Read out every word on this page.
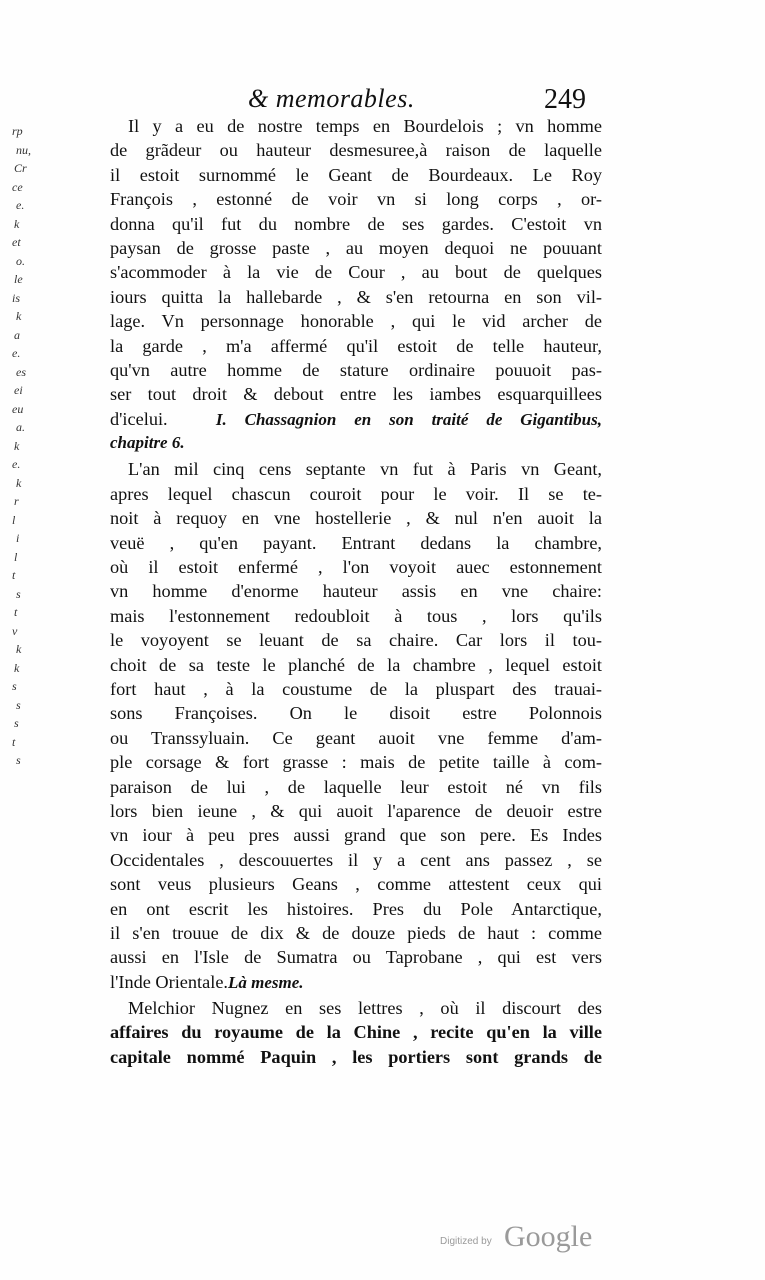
& memorables.	249
rp
nu,
Cr
ce
e.
k
et
o.
le
is
k
a
e.
es
ei
eu
a.
k
e.
k
r
l
i
l
t
s
t
v
k
k
s
s
s
t
s
Il y a eu de nostre temps en Bourdelois ; vn homme
de grãdeur ou hauteur desmesuree,à raison de laquelle
il estoit surnommé le Geant de Bourdeaux. Le Roy
François , estonné de voir vn si long corps , or-
donna qu'il fut du nombre de ses gardes. C'estoit vn
paysan de grosse paste , au moyen dequoi ne pouuant
s'acommoder à la vie de Cour , au bout de quelques
iours quitta la hallebarde , & s'en retourna en son vil-
lage. Vn personnage honorable , qui le vid archer de
la garde , m'a affermé qu'il estoit de telle hauteur,
qu'vn autre homme de stature ordinaire pouuoit pas-
ser tout droit & debout entre les iambes esquarquillees
d'icelui.	I. Chassagnion en son traité de Gigantibus,
chapitre 6.
L'an mil cinq cens septante vn fut à Paris vn Geant,
apres lequel chascun couroit pour le voir. Il se te-
noit à requoy en vne hostellerie , & nul n'en auoit la
veuë , qu'en payant. Entrant dedans la chambre,
où il estoit enfermé , l'on voyoit auec estonnement
vn homme d'enorme hauteur assis en vne chaire:
mais l'estonnement redoubloit à tous , lors qu'ils
le voyoyent se leuant de sa chaire. Car lors il tou-
choit de sa teste le planché de la chambre , lequel estoit
fort haut , à la coustume de la pluspart des trauai-
sons Françoises. On le disoit estre Polonnois
ou Transsyluain. Ce geant auoit vne femme d'am-
ple corsage & fort grasse : mais de petite taille à com-
paraison de lui , de laquelle leur estoit né vn fils
lors bien ieune , & qui auoit l'aparence de deuoir estre
vn iour à peu pres aussi grand que son pere. Es Indes
Occidentales , descouuertes il y a cent ans passez , se
sont veus plusieurs Geans , comme attestent ceux qui
en ont escrit les histoires. Pres du Pole Antarctique,
il s'en trouue de dix & de douze pieds de haut : comme
aussi en l'Isle de Sumatra ou Taprobane , qui est vers
l'Inde Orientale.Là mesme.
Melchior Nugnez en ses lettres , où il discourt des
affaires du royaume de la Chine , recite qu'en la ville
capitale nommé Paquin , les portiers sont grands de
Digitized by Google
